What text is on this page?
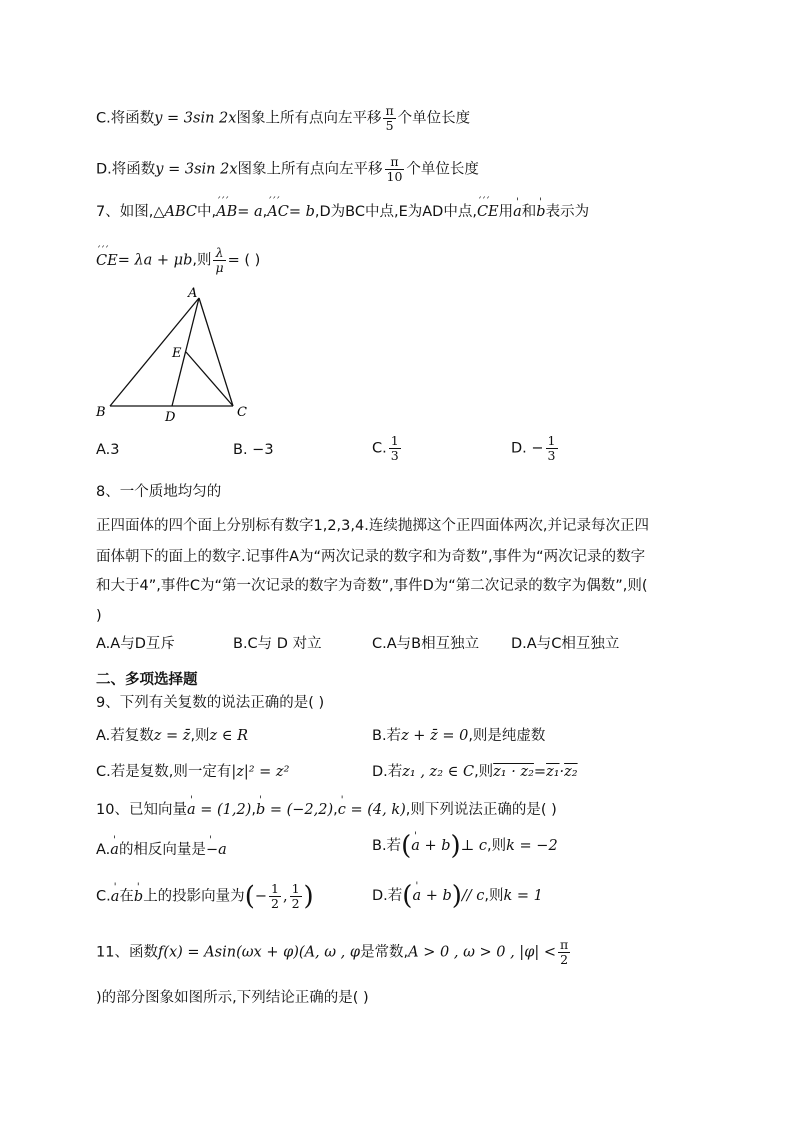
C.将函数y = 3sin 2x图象上所有点向左平移 $\frac{\pi}{5}$ 个单位长度
D.将函数y = 3sin 2x图象上所有点向左平移 $\frac{\pi}{10}$ 个单位长度
7、如图,△ABC中,´´´ AB= a,´´´ AC= b,D为BC中点,E为AD中点,´´´ CE用' a和' b表示为
´´´ CE= λa + μb,则 $\frac{\lambda}{\mu}$ = ( )
A
B	C
D
E
A.3	B. −3	C. $\frac{1}{3}$	D. − $\frac{1}{3}$
8、一个质地均匀的
正四面体的四个面上分别标有数字1,2,3,4.连续抛掷这个正四面体两次,并记录每次正四
面体朝下的面上的数字.记事件A为“两次记录的数字和为奇数”,事件为“两次记录的数字
和大于4”,事件C为“第一次记录的数字为奇数”,事件D为“第二次记录的数字为偶数”,则(
)
A.A与D互斥	B.C与 D 对立	C.A与B相互独立 D.A与C相互独立
二、多项选择题
9、下列有关复数的说法正确的是( )
A.若复数z = z̄,则z ∈ R	B.若z + z̄ = 0,则是纯虚数
C.若是复数,则一定有|z|² = z²	D.若z₁ , z₂ ∈ C,则z₁ · z₂=z₁·z₂
10、已知向量' a = (1,2),' b = (−2,2),' c = (4, k),则下列说法正确的是( )
A.' a的相反向量是' −a	B.若(' a + b)⊥ c,则k = −2
C.' a在' b上的投影向量为(− $\frac{1}{2}$ , $\frac{1}{2}$ )	D.若(' a + b)// c,则k = 1
11、函数f(x) = Asin(ωx + φ)(A, ω , φ是常数,A > 0 , ω > 0 , $|\varphi| < \frac{\pi}{2}$
)的部分图象如图所示,下列结论正确的是( )
